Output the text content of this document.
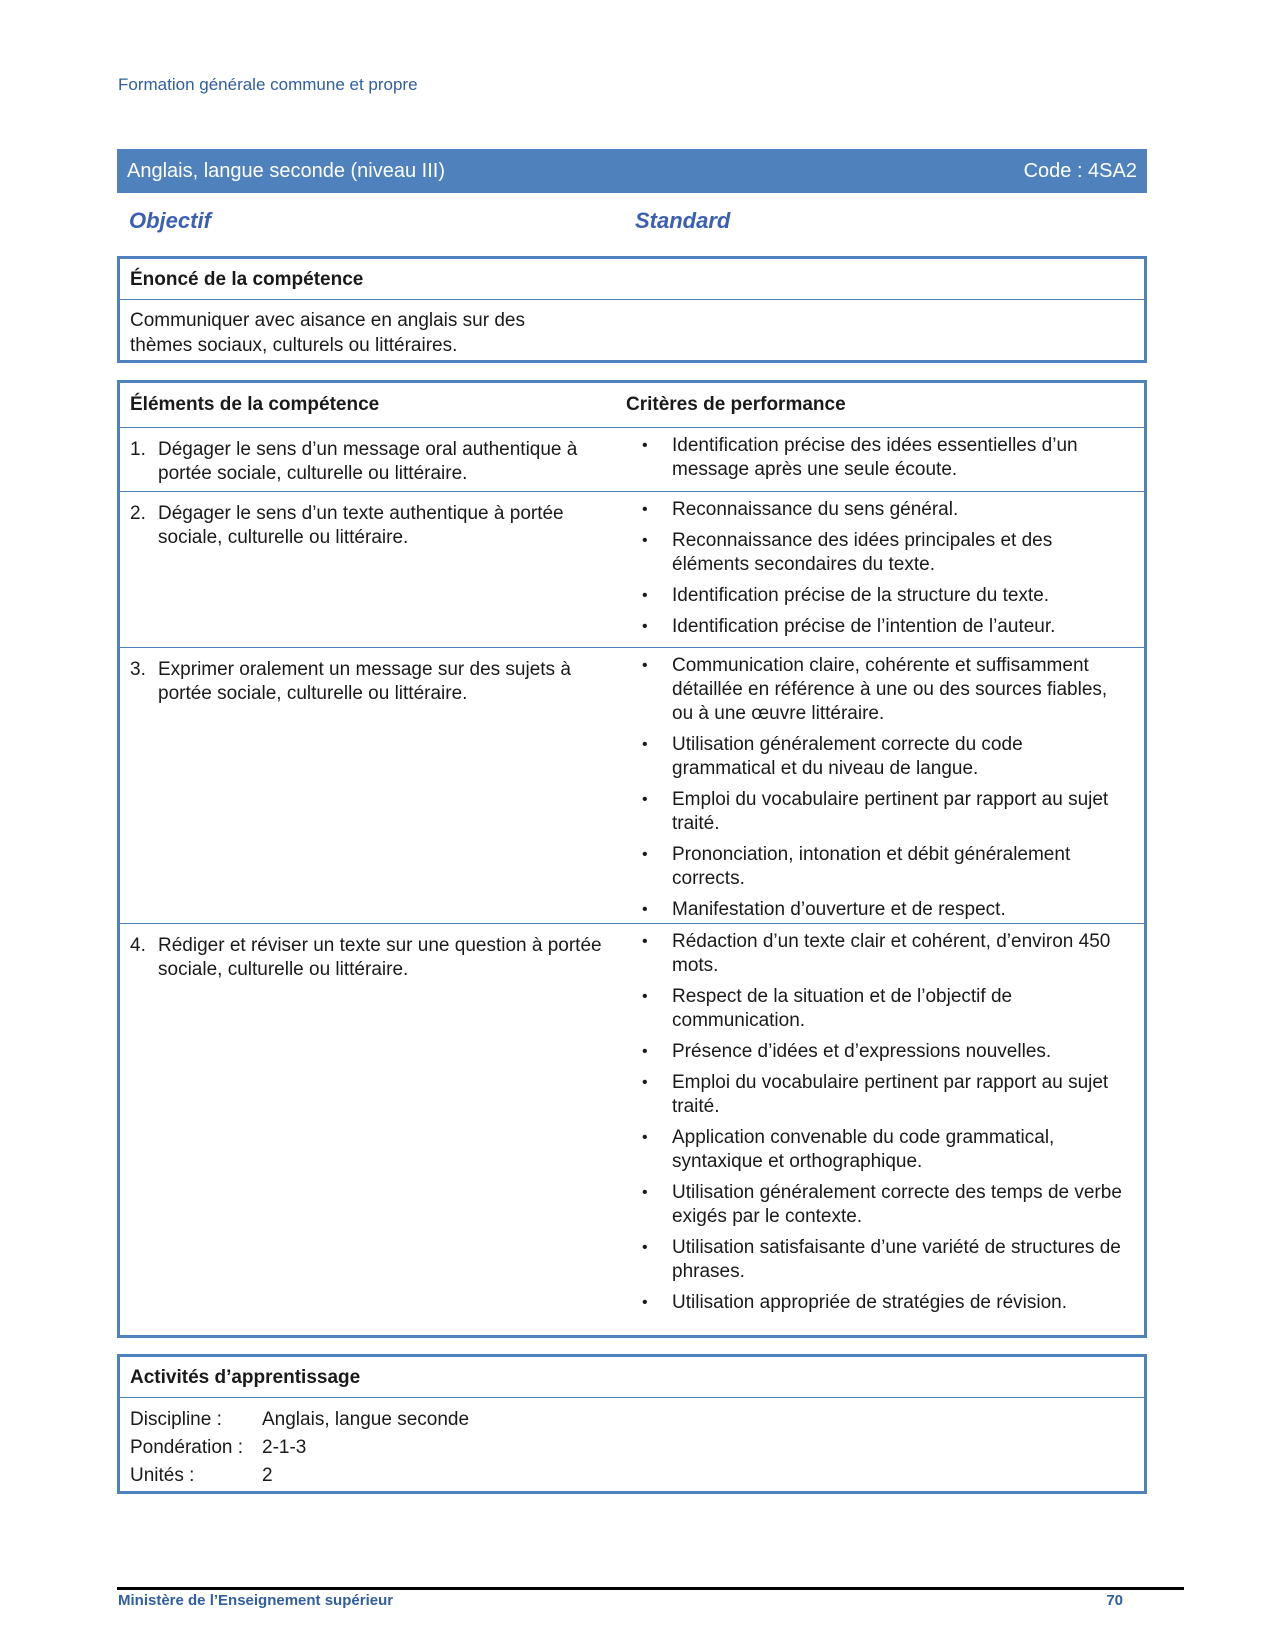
Formation générale commune et propre
Anglais, langue seconde (niveau III)	Code : 4SA2
Objectif	Standard
Énoncé de la compétence
Communiquer avec aisance en anglais sur des
thèmes sociaux, culturels ou littéraires.
Éléments de la compétence	Critères de performance
1. Dégager le sens d’un message oral authentique à portée sociale, culturelle ou littéraire.
• Identification précise des idées essentielles d’un message après une seule écoute.
2. Dégager le sens d’un texte authentique à portée sociale, culturelle ou littéraire.
• Reconnaissance du sens général.
• Reconnaissance des idées principales et des éléments secondaires du texte.
• Identification précise de la structure du texte.
• Identification précise de l’intention de l’auteur.
3. Exprimer oralement un message sur des sujets à portée sociale, culturelle ou littéraire.
• Communication claire, cohérente et suffisamment détaillée en référence à une ou des sources fiables, ou à une œuvre littéraire.
• Utilisation généralement correcte du code grammatical et du niveau de langue.
• Emploi du vocabulaire pertinent par rapport au sujet traité.
• Prononciation, intonation et débit généralement corrects.
• Manifestation d’ouverture et de respect.
4. Rédiger et réviser un texte sur une question à portée sociale, culturelle ou littéraire.
• Rédaction d’un texte clair et cohérent, d’environ 450 mots.
• Respect de la situation et de l’objectif de communication.
• Présence d’idées et d’expressions nouvelles.
• Emploi du vocabulaire pertinent par rapport au sujet traité.
• Application convenable du code grammatical, syntaxique et orthographique.
• Utilisation généralement correcte des temps de verbe exigés par le contexte.
• Utilisation satisfaisante d’une variété de structures de phrases.
• Utilisation appropriée de stratégies de révision.
Activités d’apprentissage
Discipline :	Anglais, langue seconde
Pondération : 2-1-3
Unités :	2
Ministère de l’Enseignement supérieur	70
